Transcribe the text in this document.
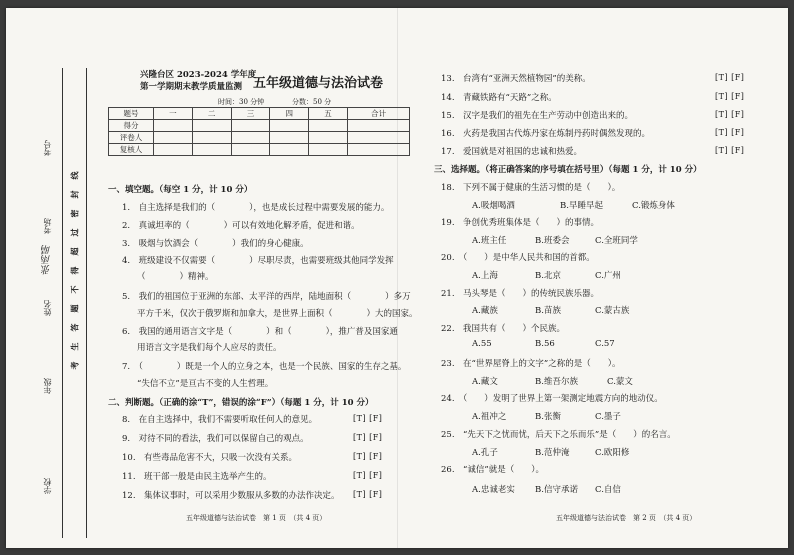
考号
考场
姓名
张雨晴
年级
学校
线
封
密
过
超
得
不
题
答
生
考
兴隆台区 2023-2024 学年度
第一学期期末教学质量监测 五年级道德与法治试卷
时间：30 分钟	分数：50 分
题号	一	二	三	四	五	合计
得分						
评卷人						
复核人						
一、填空题。（每空 1 分，计 10 分）
1.　自主选择是我们的（　　　　），也是成长过程中需要发展的能力。
2.　真诚坦率的（　　　　）可以有效地化解矛盾，促进和谐。
3.　吸烟与饮酒会（　　　　）我们的身心健康。
4.　班级建设不仅需要（　　　　）尽职尽责，也需要班级其他同学发挥
（　　　　）精神。
5.　我们的祖国位于亚洲的东部、太平洋的西岸，陆地面积（　　　　）多万
平方千米，仅次于俄罗斯和加拿大，是世界上面积（　　　　）大的国家。
6.　我国的通用语言文字是（　　　　）和（　　　　），推广普及国家通
用语言文字是我们每个人应尽的责任。
7.　（　　　　）既是一个人的立身之本，也是一个民族、国家的生存之基。
“失信不立”是亘古不变的人生哲理。
二、判断题。（正确的涂“T”，错误的涂“F”）（每题 1 分，计 10 分）
8.　在自主选择中，我们不需要听取任何人的意见。	[T] [F]
9.　对待不同的看法，我们可以保留自己的观点。	[T] [F]
10.　有些毒品危害不大，只吸一次没有关系。	[T] [F]
11.　班干部一般是由民主选举产生的。	[T] [F]
12.　集体议事时，可以采用少数服从多数的办法作决定。 [T] [F]
五年级道德与法治试卷　第 1 页　（共 4 页）
13.　台湾有“亚洲天然植物园”的美称。	[T] [F]
14.　青藏铁路有“天路”之称。	[T] [F]
15.　汉字是我们的祖先在生产劳动中创造出来的。	[T] [F]
16.　火药是我国古代炼丹家在炼制丹药时偶然发现的。	[T] [F]
17.　爱国就是对祖国的忠诚和热爱。	[T] [F]
三、选择题。（将正确答案的序号填在括号里）（每题 1 分，计 10 分）
18.　下列不属于健康的生活习惯的是（　　）。
A.吸烟喝酒	B.早睡早起	C.锻炼身体
19.　争创优秀班集体是（　　）的事情。
A.班主任	B.班委会	C.全班同学
20.　（　　）是中华人民共和国的首都。
A.上海	B.北京	C.广州
21.　马头琴是（　　）的传统民族乐器。
A.藏族	B.苗族	C.蒙古族
22.　我国共有（　　）个民族。
A.55	B.56	C.57
23.　在“世界屋脊上的文字”之称的是（　　）。
A.藏文	B.维吾尔族	C.蒙文
24.　（　　）发明了世界上第一架测定地震方向的地动仪。
A.祖冲之	B.张衡	C.墨子
25.　“先天下之忧而忧，后天下之乐而乐”是（　　）的名言。
A.孔子	B.范仲淹	C.欧阳修
26.　“诚信”就是（　　）。
A.忠诚老实 B.信守承诺 C.自信
五年级道德与法治试卷　第 2 页　（共 4 页）
